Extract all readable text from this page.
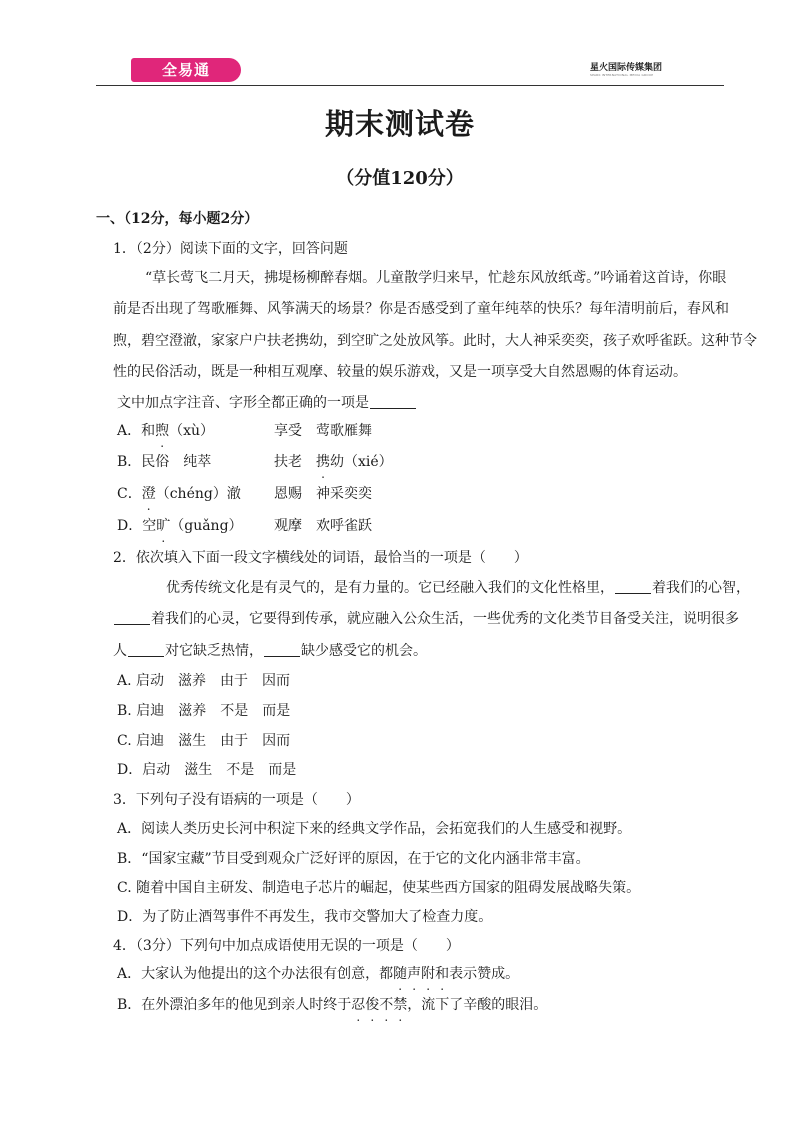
全易通	星火国际传媒集团
SPARK INTERNATIONAL MEDIA GROUP
期末测试卷
（分值120分）
一、（12分，每小题2分）
1．（2分）阅读下面的文字，回答问题
“草长莺飞二月天，拂堤杨柳醉春烟。儿童散学归来早，忙趁东风放纸鸢。”吟诵着这首诗，你眼
前是否出现了驾歌雁舞、风筝满天的场景？你是否感受到了童年纯萃的快乐？每年清明前后，春风和
煦，碧空澄澈，家家户户扶老携幼，到空旷之处放风筝。此时，大人神采奕奕，孩子欢呼雀跃。这种节令
性的民俗活动，既是一种相互观摩、较量的娱乐游戏，又是一项享受大自然恩赐的体育运动。
文中加点字注音、字形全都正确的一项是
A．和煦（xù）	享受　莺歌雁舞
B．民俗　纯萃	扶老　携幼（xié）
C．澄（chéng）澈 恩赐　神采奕奕
D．空旷（guǎng） 观摩　欢呼雀跃
2．依次填入下面一段文字横线处的词语，最恰当的一项是（　　）
优秀传统文化是有灵气的，是有力量的。它已经融入我们的文化性格里，	着我们的心智，
着我们的心灵，它要得到传承，就应融入公众生活，一些优秀的文化类节目备受关注，说明很多
人	对它缺乏热情，	缺少感受它的机会。
A. 启动　滋养　由于　因而
B. 启迪　滋养　不是　而是
C. 启迪　滋生　由于　因而
D．启动　滋生　不是　而是
3．下列句子没有语病的一项是（　　）
A．阅读人类历史长河中积淀下来的经典文学作品，会拓宽我们的人生感受和视野。
B．“国家宝藏”节目受到观众广泛好评的原因，在于它的文化内涵非常丰富。
C. 随着中国自主研发、制造电子芯片的崛起，使某些西方国家的阻碍发展战略失策。
D．为了防止酒驾事件不再发生，我市交警加大了检查力度。
4．（3分）下列句中加点成语使用无误的一项是（　　）
A．大家认为他提出的这个办法很有创意，都随声附和表示赞成。
B．在外漂泊多年的他见到亲人时终于忍俊不禁，流下了辛酸的眼泪。
